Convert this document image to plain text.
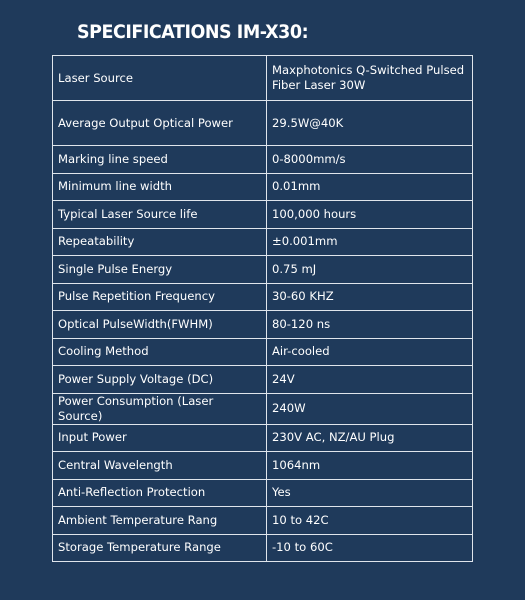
SPECIFICATIONS IM-X30:
Laser Source	Maxphotonics Q-Switched Pulsed Fiber Laser 30W
Average Output Optical Power	29.5W@40K
Marking line speed	0-8000mm/s
Minimum line width	0.01mm
Typical Laser Source life	100,000 hours
Repeatability	±0.001mm
Single Pulse Energy	0.75 mJ
Pulse Repetition Frequency	30-60 KHZ
Optical PulseWidth(FWHM)	80-120 ns
Cooling Method	Air-cooled
Power Supply Voltage (DC)	24V
Power Consumption (Laser Source)	240W
Input Power	230V AC, NZ/AU Plug
Central Wavelength	1064nm
Anti-Reflection Protection	Yes
Ambient Temperature Rang	10 to 42C
Storage Temperature Range	-10 to 60C
